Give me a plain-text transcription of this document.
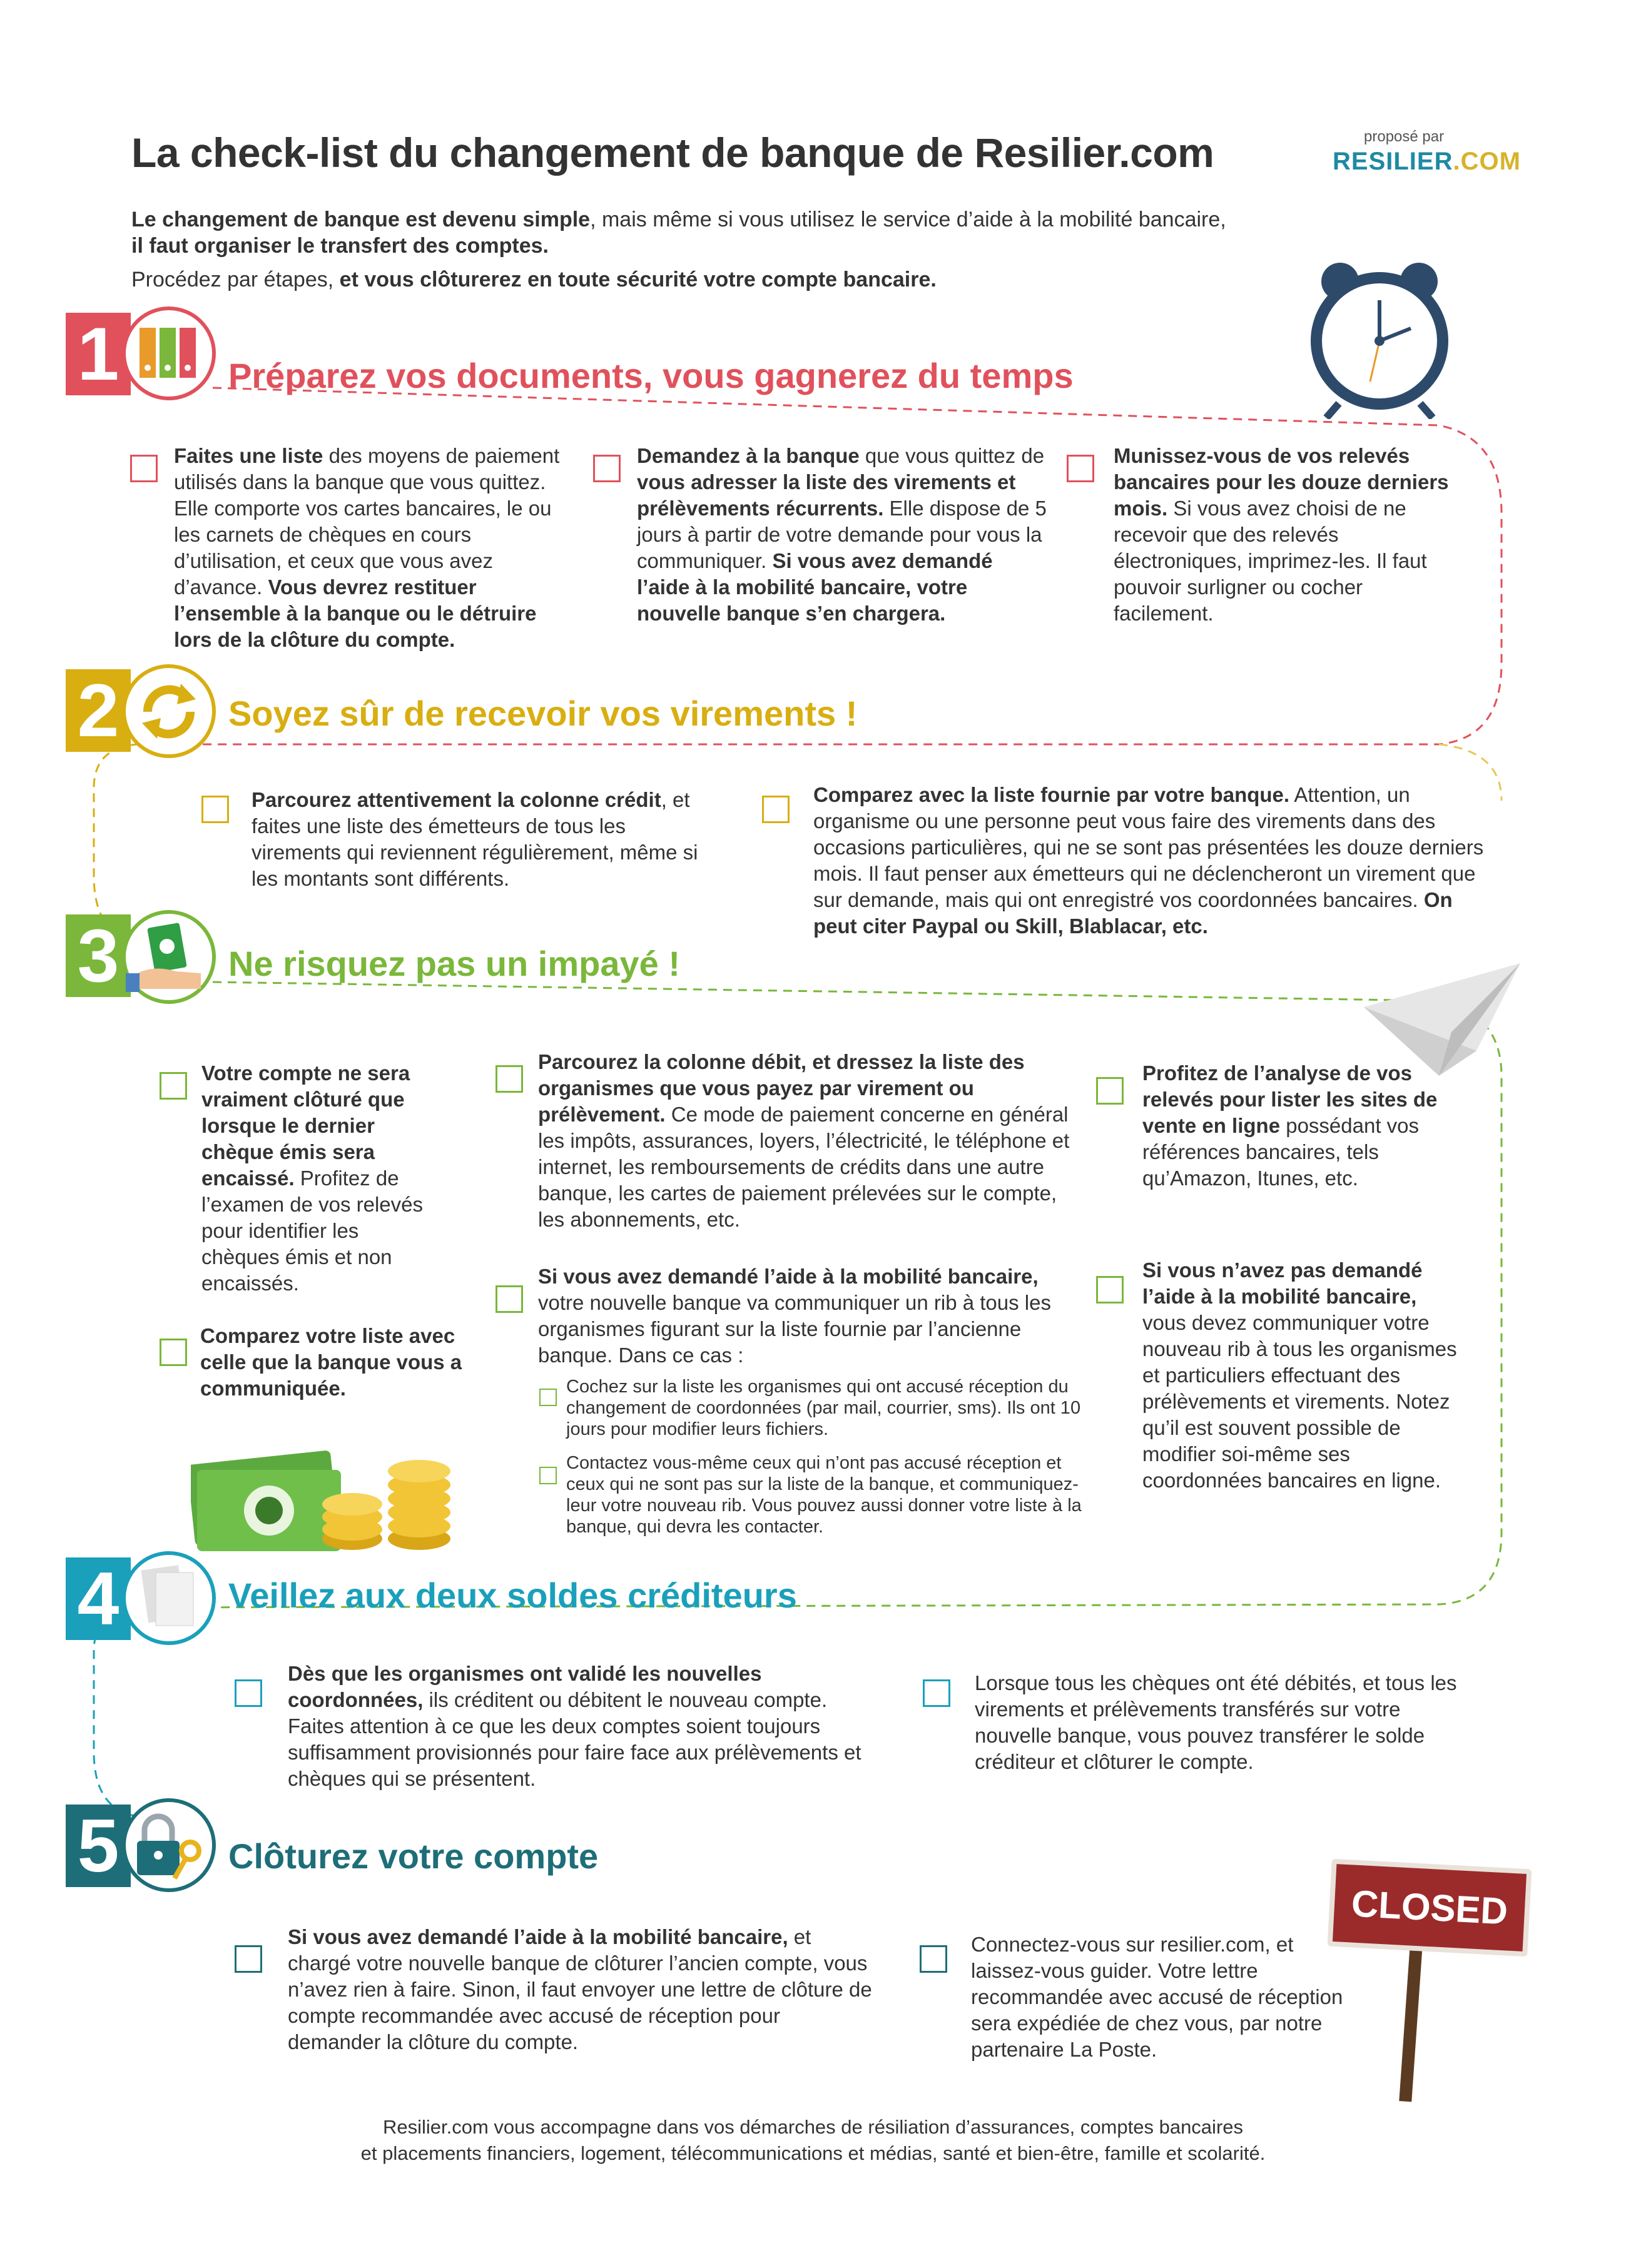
La check-list du changement de banque de Resilier.com	proposé par
RESILIER.COM
Le changement de banque est devenu simple, mais même si vous utilisez le service d’aide à la mobilité bancaire,
il faut organiser le transfert des comptes.
Procédez par étapes, et vous clôturerez en toute sécurité votre compte bancaire.
1	Préparez vos documents, vous gagnerez du temps
Faites une liste des moyens de paiement utilisés dans la banque que vous quittez. Elle comporte vos cartes bancaires, le ou les carnets de chèques en cours d’utilisation, et ceux que vous avez d’avance. Vous devrez restituer l’ensemble à la banque ou le détruire lors de la clôture du compte.
Demandez à la banque que vous quittez de vous adresser la liste des virements et prélèvements récurrents. Elle dispose de 5 jours à partir de votre demande pour vous la communiquer. Si vous avez demandé l’aide à la mobilité bancaire, votre nouvelle banque s’en chargera.
Munissez-vous de vos relevés bancaires pour les douze derniers mois. Si vous avez choisi de ne recevoir que des relevés électroniques, imprimez-les. Il faut pouvoir surligner ou cocher facilement.
2	Soyez sûr de recevoir vos virements !
Parcourez attentivement la colonne crédit, et faites une liste des émetteurs de tous les virements qui reviennent régulièrement, même si les montants sont différents.
Comparez avec la liste fournie par votre banque. Attention, un organisme ou une personne peut vous faire des virements dans des occasions particulières, qui ne se sont pas présentées les douze derniers mois. Il faut penser aux émetteurs qui ne déclencheront un virement que sur demande, mais qui ont enregistré vos coordonnées bancaires. On peut citer Paypal ou Skill, Blablacar, etc.
3	Ne risquez pas un impayé !
Votre compte ne sera vraiment clôturé que lorsque le dernier chèque émis sera encaissé. Profitez de l’examen de vos relevés pour identifier les chèques émis et non encaissés.
Comparez votre liste avec celle que la banque vous a communiquée.
Parcourez la colonne débit, et dressez la liste des organismes que vous payez par virement ou prélèvement. Ce mode de paiement concerne en général les impôts, assurances, loyers, l’électricité, le téléphone et internet, les remboursements de crédits dans une autre banque, les cartes de paiement prélevées sur le compte, les abonnements, etc.
Si vous avez demandé l’aide à la mobilité bancaire, votre nouvelle banque va communiquer un rib à tous les organismes figurant sur la liste fournie par l’ancienne banque. Dans ce cas :
Cochez sur la liste les organismes qui ont accusé réception du changement de coordonnées (par mail, courrier, sms). Ils ont 10 jours pour modifier leurs fichiers.
Contactez vous-même ceux qui n’ont pas accusé réception et ceux qui ne sont pas sur la liste de la banque, et communiquez-leur votre nouveau rib. Vous pouvez aussi donner votre liste à la banque, qui devra les contacter.
Profitez de l’analyse de vos relevés pour lister les sites de vente en ligne possédant vos références bancaires, tels qu’Amazon, Itunes, etc.
Si vous n’avez pas demandé l’aide à la mobilité bancaire, vous devez communiquer votre nouveau rib à tous les organismes et particuliers effectuant des prélèvements et virements. Notez qu’il est souvent possible de modifier soi-même ses coordonnées bancaires en ligne.
4	Veillez aux deux soldes créditeurs
Dès que les organismes ont validé les nouvelles coordonnées, ils créditent ou débitent le nouveau compte. Faites attention à ce que les deux comptes soient toujours suffisamment provisionnés pour faire face aux prélèvements et chèques qui se présentent.
Lorsque tous les chèques ont été débités, et tous les virements et prélèvements transférés sur votre nouvelle banque, vous pouvez transférer le solde créditeur et clôturer le compte.
5	Clôturez votre compte
CLOSED
Si vous avez demandé l’aide à la mobilité bancaire, et chargé votre nouvelle banque de clôturer l’ancien compte, vous n’avez rien à faire. Sinon, il faut envoyer une lettre de clôture de compte recommandée avec accusé de réception pour demander la clôture du compte.
Connectez-vous sur resilier.com, et laissez-vous guider. Votre lettre recommandée avec accusé de réception sera expédiée de chez vous, par notre partenaire La Poste.
Resilier.com vous accompagne dans vos démarches de résiliation d’assurances, comptes bancaires
et placements financiers, logement, télécommunications et médias, santé et bien-être, famille et scolarité.
